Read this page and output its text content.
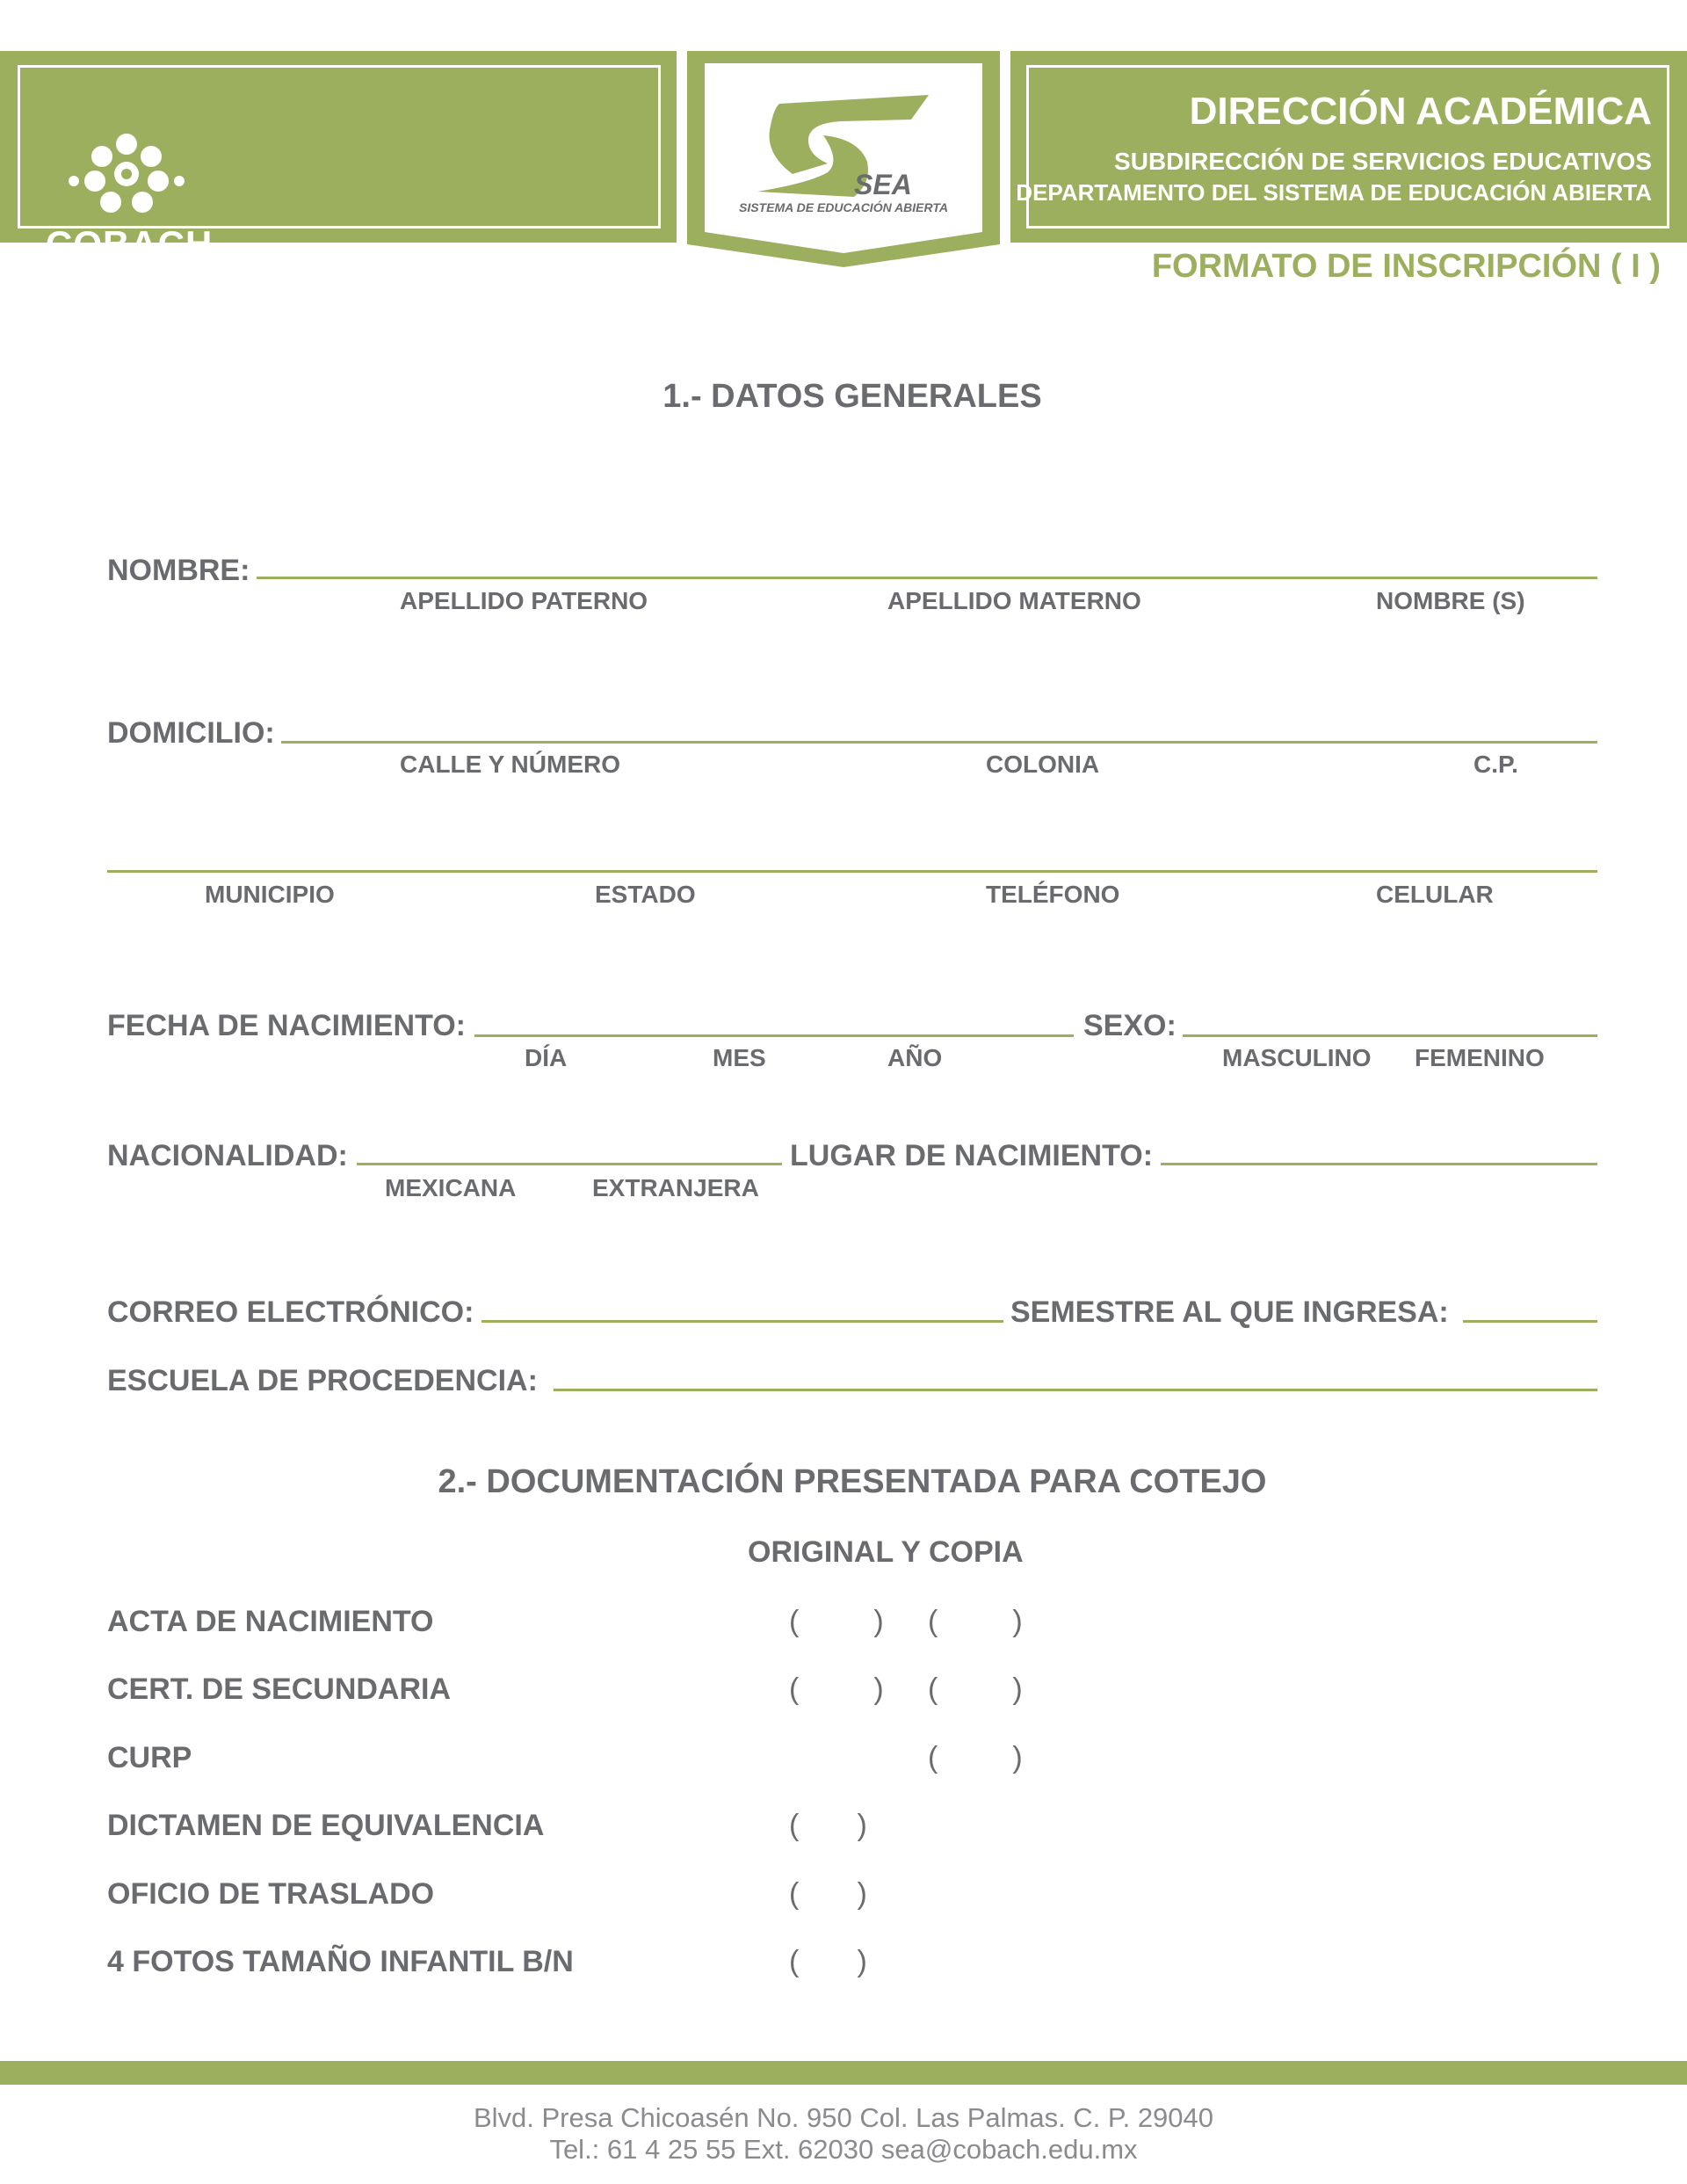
COBACH
SEA
SISTEMA DE EDUCACIÓN ABIERTA
DIRECCIÓN ACADÉMICA
SUBDIRECCIÓN DE SERVICIOS EDUCATIVOS
DEPARTAMENTO DEL SISTEMA DE EDUCACIÓN ABIERTA
FORMATO DE INSCRIPCIÓN ( I )
1.- DATOS GENERALES
NOMBRE:
APELLIDO PATERNO	APELLIDO MATERNO	NOMBRE (S)
DOMICILIO:
CALLE Y NÚMERO	COLONIA	C.P.
MUNICIPIO	ESTADO	TELÉFONO	CELULAR
FECHA DE NACIMIENTO:
DÍA	MES	AÑO
SEXO:
MASCULINO FEMENINO
NACIONALIDAD:
MEXICANA	EXTRANJERA
LUGAR DE NACIMIENTO:
CORREO ELECTRÓNICO:	SEMESTRE AL QUE INGRESA:
ESCUELA DE PROCEDENCIA:
2.- DOCUMENTACIÓN PRESENTADA PARA COTEJO
ORIGINAL Y COPIA
ACTA DE NACIMIENTO	(         ) (         )
CERT. DE SECUNDARIA	(         ) (         )
CURP	(         )
DICTAMEN DE EQUIVALENCIA	(       )
OFICIO DE TRASLADO	(       )
4 FOTOS TAMAÑO INFANTIL B/N	(       )
Blvd. Presa Chicoasén No. 950 Col. Las Palmas. C. P. 29040
Tel.: 61 4 25 55 Ext. 62030 sea@cobach.edu.mx
